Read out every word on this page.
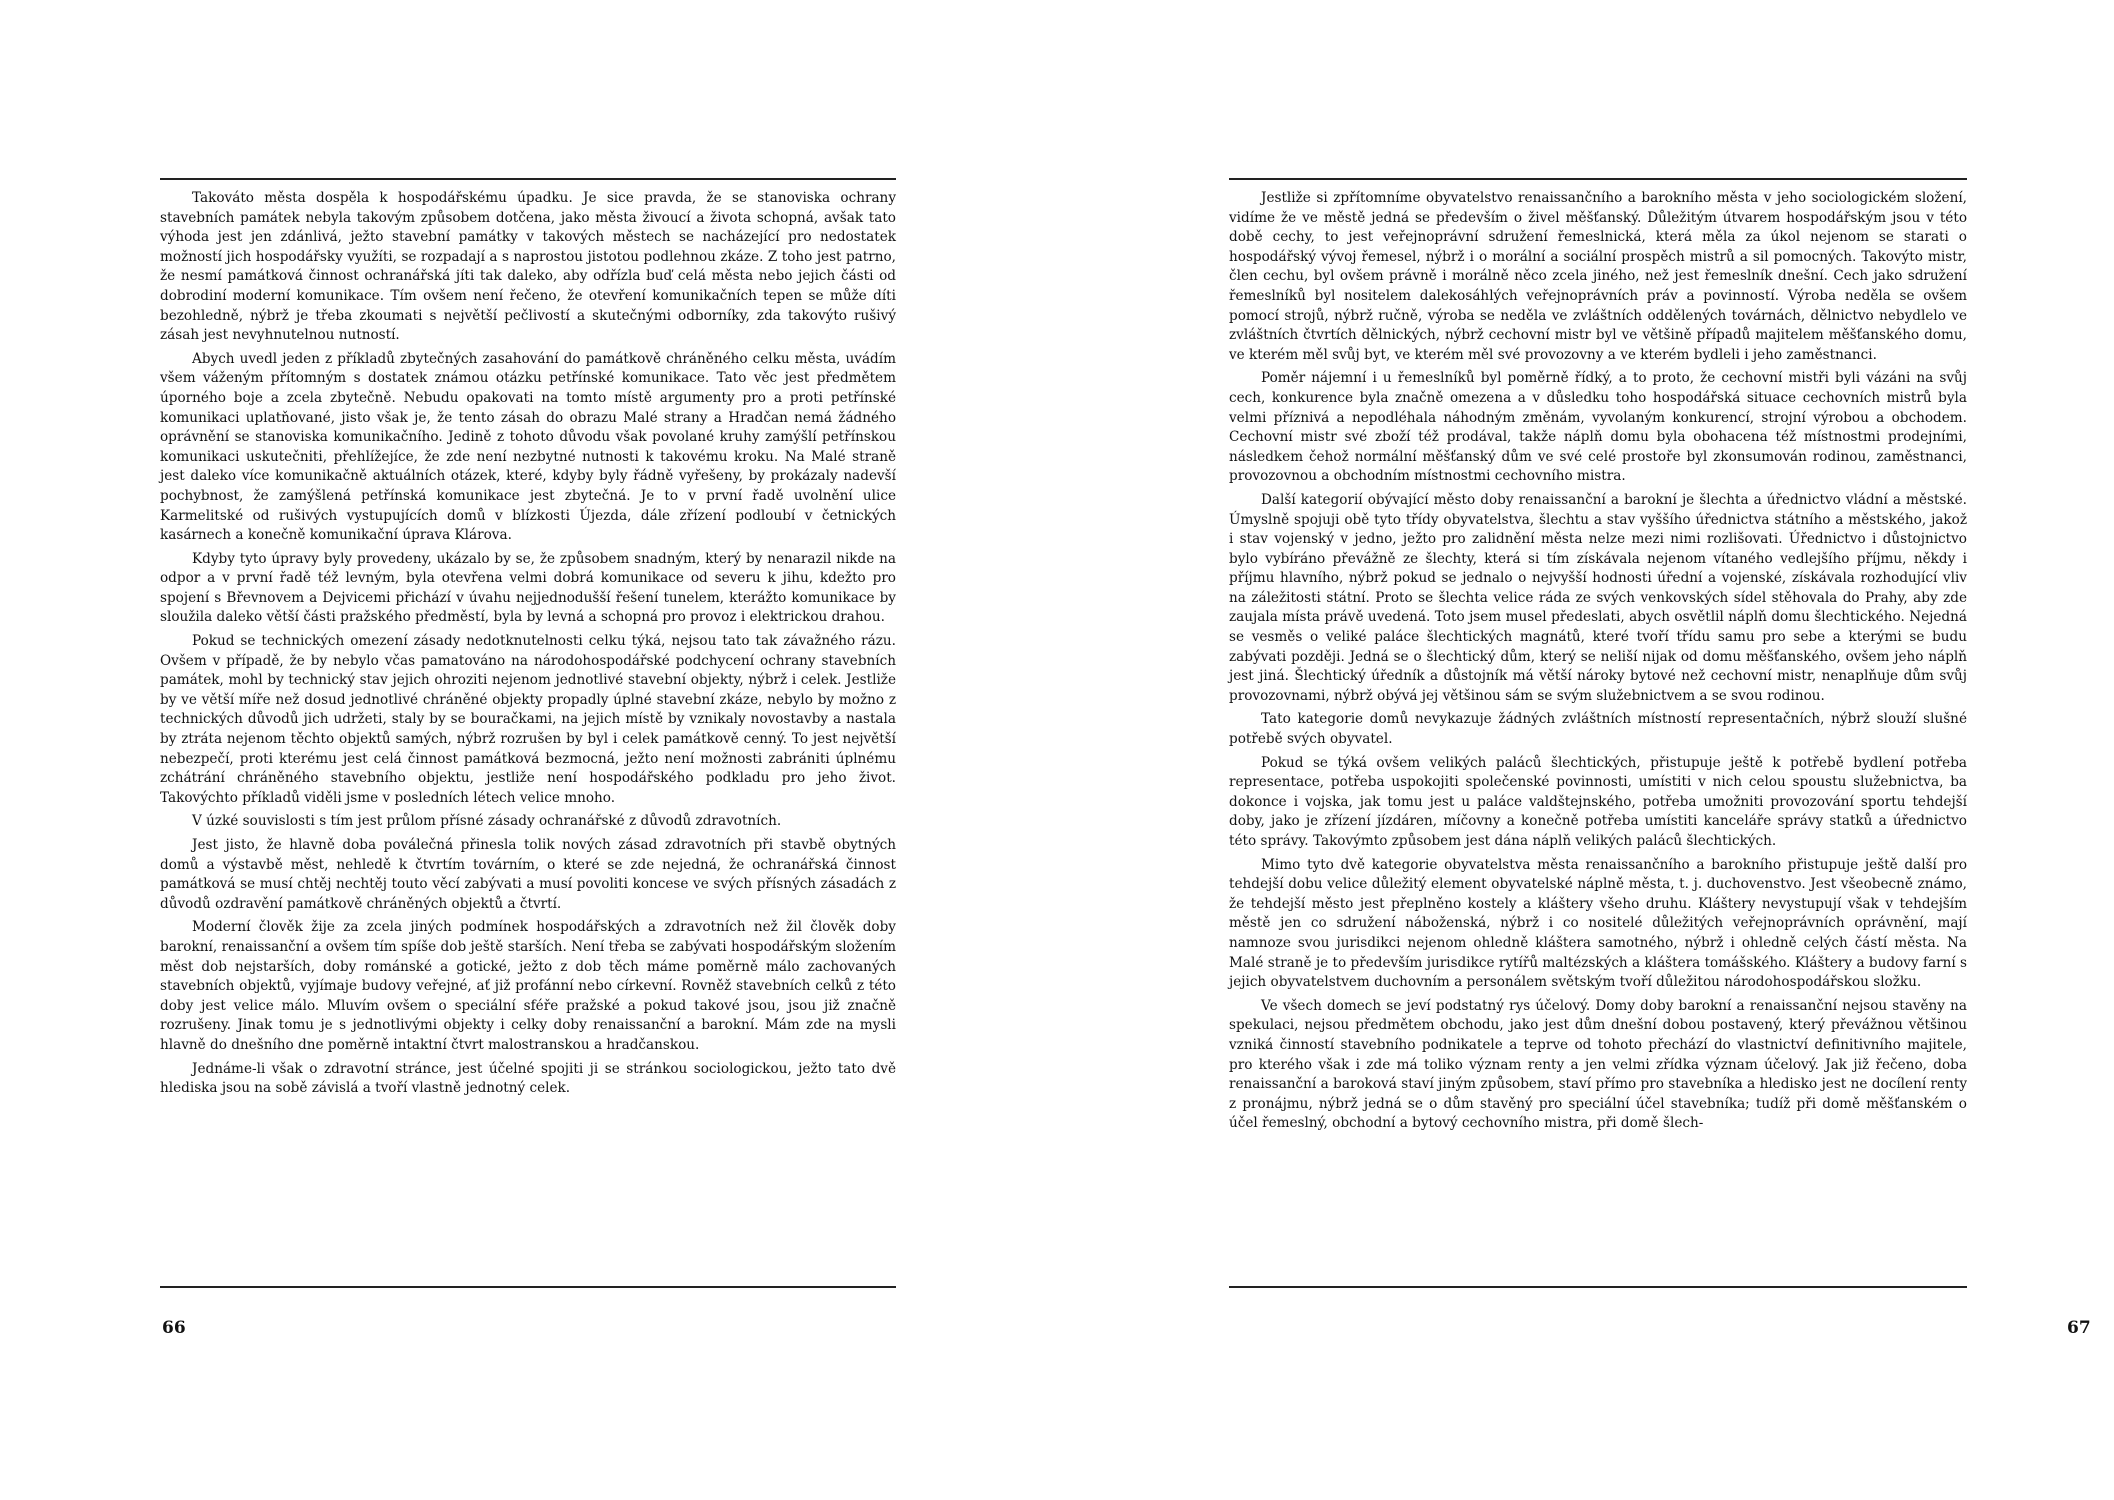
Takováto města dospěla k hospodářskému úpadku. Je sice pravda, že se stanoviska ochrany stavebních památek nebyla takovým způsobem dotčena, jako města živoucí a života schopná, avšak tato výhoda jest jen zdánlivá, ježto stavební památky v takových městech se nacházející pro nedostatek možností jich hospodářsky využíti, se rozpadají a s naprostou jistotou podlehnou zkáze. Z toho jest patrno, že nesmí památková činnost ochranářská jíti tak daleko, aby odřízla buď celá města nebo jejich části od dobrodiní moderní komunikace. Tím ovšem není řečeno, že otevření komunikačních tepen se může díti bezohledně, nýbrž je třeba zkoumati s největší pečlivostí a skutečnými odborníky, zda takovýto rušivý zásah jest nevyhnutelnou nutností.

Abych uvedl jeden z příkladů zbytečných zasahování do památkově chráněného celku města, uvádím všem váženým přítomným s dostatek známou otázku petřínské komunikace. Tato věc jest předmětem úporného boje a zcela zbytečně. Nebudu opakovati na tomto místě argumenty pro a proti petřínské komunikaci uplatňované, jisto však je, že tento zásah do obrazu Malé strany a Hradčan nemá žádného oprávnění se stanoviska komunikačního. Jedině z tohoto důvodu však povolané kruhy zamýšlí petřínskou komunikaci uskutečniti, přehlížejíce, že zde není nezbytné nutnosti k takovému kroku. Na Malé straně jest daleko více komunikačně aktuálních otázek, které, kdyby byly řádně vyřešeny, by prokázaly nadevší pochybnost, že zamýšlená petřínská komunikace jest zbytečná. Je to v první řadě uvolnění ulice Karmelitské od rušivých vystupujících domů v blízkosti Újezda, dále zřízení podloubí v četnických kasárnech a konečně komunikační úprava Klárova.

Kdyby tyto úpravy byly provedeny, ukázalo by se, že způsobem snadným, který by nenarazil nikde na odpor a v první řadě též levným, byla otevřena velmi dobrá komunikace od severu k jihu, kdežto pro spojení s Břevnovem a Dejvicemi přichází v úvahu nejjednodušší řešení tunelem, kterážto komunikace by sloužila daleko větší části pražského předměstí, byla by levná a schopná pro provoz i elektrickou drahou.

Pokud se technických omezení zásady nedotknutelnosti celku týká, nejsou tato tak závažného rázu. Ovšem v případě, že by nebylo včas pamatováno na národohospodářské podchycení ochrany stavebních památek, mohl by technický stav jejich ohroziti nejenom jednotlivé stavební objekty, nýbrž i celek. Jestliže by ve větší míře než dosud jednotlivé chráněné objekty propadly úplné stavební zkáze, nebylo by možno z technických důvodů jich udržeti, staly by se bouračkami, na jejich místě by vznikaly novostavby a nastala by ztráta nejenom těchto objektů samých, nýbrž rozrušen by byl i celek památkově cenný. To jest největší nebezpečí, proti kterému jest celá činnost památková bezmocná, ježto není možnosti zabrániti úplnému zchátrání chráněného stavebního objektu, jestliže není hospodářského podkladu pro jeho život. Takovýchto příkladů viděli jsme v posledních létech velice mnoho.

V úzké souvislosti s tím jest průlom přísné zásady ochranářské z důvodů zdravotních.

Jest jisto, že hlavně doba poválečná přinesla tolik nových zásad zdravotních při stavbě obytných domů a výstavbě měst, nehledě k čtvrtím továrním, o které se zde nejedná, že ochranářská činnost památková se musí chtěj nechtěj touto věcí zabývati a musí povoliti koncese ve svých přísných zásadách z důvodů ozdravění památkově chráněných objektů a čtvrtí.

Moderní člověk žije za zcela jiných podmínek hospodářských a zdravotních než žil člověk doby barokní, renaissanční a ovšem tím spíše dob ještě starších. Není třeba se zabývati hospodářským složením měst dob nejstarších, doby románské a gotické, ježto z dob těch máme poměrně málo zachovaných stavebních objektů, vyjímaje budovy veřejné, ať již profánní nebo církevní. Rovněž stavebních celků z této doby jest velice málo. Mluvím ovšem o speciální sféře pražské a pokud takové jsou, jsou již značně rozrušeny. Jinak tomu je s jednotlivými objekty i celky doby renaissanční a barokní. Mám zde na mysli hlavně do dnešního dne poměrně intaktní čtvrt malostranskou a hradčanskou.

Jednáme-li však o zdravotní stránce, jest účelné spojiti ji se stránkou sociologickou, ježto tato dvě hlediska jsou na sobě závislá a tvoří vlastně jednotný celek.

66

Jestliže si zpřítomníme obyvatelstvo renaissančního a barokního města v jeho sociologickém složení, vidíme že ve městě jedná se především o živel měšťanský. Důležitým útvarem hospodářským jsou v této době cechy, to jest veřejnoprávní sdružení řemeslnická, která měla za úkol nejenom se starati o hospodářský vývoj řemesel, nýbrž i o morální a sociální prospěch mistrů a sil pomocných. Takovýto mistr, člen cechu, byl ovšem právně i morálně něco zcela jiného, než jest řemeslník dnešní. Cech jako sdružení řemeslníků byl nositelem dalekosáhlých veřejnoprávních práv a povinností. Výroba neděla se ovšem pomocí strojů, nýbrž ručně, výroba se neděla ve zvláštních oddělených továrnách, dělnictvo nebydlelo ve zvláštních čtvrtích dělnických, nýbrž cechovní mistr byl ve většině případů majitelem měšťanského domu, ve kterém měl svůj byt, ve kterém měl své provozovny a ve kterém bydleli i jeho zaměstnanci.

Poměr nájemní i u řemeslníků byl poměrně řídký, a to proto, že cechovní mistři byli vázáni na svůj cech, konkurence byla značně omezena a v důsledku toho hospodářská situace cechovních mistrů byla velmi příznivá a nepodléhala náhodným změnám, vyvolaným konkurencí, strojní výrobou a obchodem. Cechovní mistr své zboží též prodával, takže náplň domu byla obohacena též místnostmi prodejními, následkem čehož normální měšťanský dům ve své celé prostoře byl zkonsumován rodinou, zaměstnanci, provozovnou a obchodním místnostmi cechovního mistra.

Další kategorií obývající město doby renaissanční a barokní je šlechta a úřednictvo vládní a městské. Úmyslně spojuji obě tyto třídy obyvatelstva, šlechtu a stav vyššího úřednictva státního a městského, jakož i stav vojenský v jedno, ježto pro zalidnění města nelze mezi nimi rozlišovati. Úřednictvo i důstojnictvo bylo vybíráno převážně ze šlechty, která si tím získávala nejenom vítaného vedlejšího příjmu, někdy i příjmu hlavního, nýbrž pokud se jednalo o nejvyšší hodnosti úřední a vojenské, získávala rozhodující vliv na záležitosti státní. Proto se šlechta velice ráda ze svých venkovských sídel stěhovala do Prahy, aby zde zaujala místa právě uvedená. Toto jsem musel předeslati, abych osvětlil náplň domu šlechtického. Nejedná se vesměs o veliké paláce šlechtických magnátů, které tvoří třídu samu pro sebe a kterými se budu zabývati později. Jedná se o šlechtický dům, který se neliší nijak od domu měšťanského, ovšem jeho náplň jest jiná. Šlechtický úředník a důstojník má větší nároky bytové než cechovní mistr, nenaplňuje dům svůj provozovnami, nýbrž obývá jej většinou sám se svým služebnictvem a se svou rodinou.

Tato kategorie domů nevykazuje žádných zvláštních místností representačních, nýbrž slouží slušné potřebě svých obyvatel.

Pokud se týká ovšem velikých paláců šlechtických, přistupuje ještě k potřebě bydlení potřeba representace, potřeba uspokojiti společenské povinnosti, umístiti v nich celou spoustu služebnictva, ba dokonce i vojska, jak tomu jest u paláce valdštejnského, potřeba umožniti provozování sportu tehdejší doby, jako je zřízení jízdáren, míčovny a konečně potřeba umístiti kanceláře správy statků a úřednictvo této správy. Takovýmto způsobem jest dána náplň velikých paláců šlechtických.

Mimo tyto dvě kategorie obyvatelstva města renaissančního a barokního přistupuje ještě další pro tehdejší dobu velice důležitý element obyvatelské náplně města, t. j. duchovenstvo. Jest všeobecně známo, že tehdejší město jest přeplněno kostely a kláštery všeho druhu. Kláštery nevystupují však v tehdejším městě jen co sdružení náboženská, nýbrž i co nositelé důležitých veřejnoprávních oprávnění, mají namnoze svou jurisdikci nejenom ohledně kláštera samotného, nýbrž i ohledně celých částí města. Na Malé straně je to především jurisdikce rytířů maltézských a kláštera tomášského. Kláštery a budovy farní s jejich obyvatelstvem duchovním a personálem světským tvoří důležitou národohospodářskou složku.

Ve všech domech se jeví podstatný rys účelový. Domy doby barokní a renaissanční nejsou stavěny na spekulaci, nejsou předmětem obchodu, jako jest dům dnešní dobou postavený, který převážnou většinou vzniká činností stavebního podnikatele a teprve od tohoto přechází do vlastnictví definitivního majitele, pro kterého však i zde má toliko význam renty a jen velmi zřídka význam účelový. Jak již řečeno, doba renaissanční a baroková staví jiným způsobem, staví přímo pro stavebníka a hledisko jest ne docílení renty z pronájmu, nýbrž jedná se o dům stavěný pro speciální účel stavebníka; tudíž při domě měšťanském o účel řemeslný, obchodní a bytový cechovního mistra, při domě šlech-

67
